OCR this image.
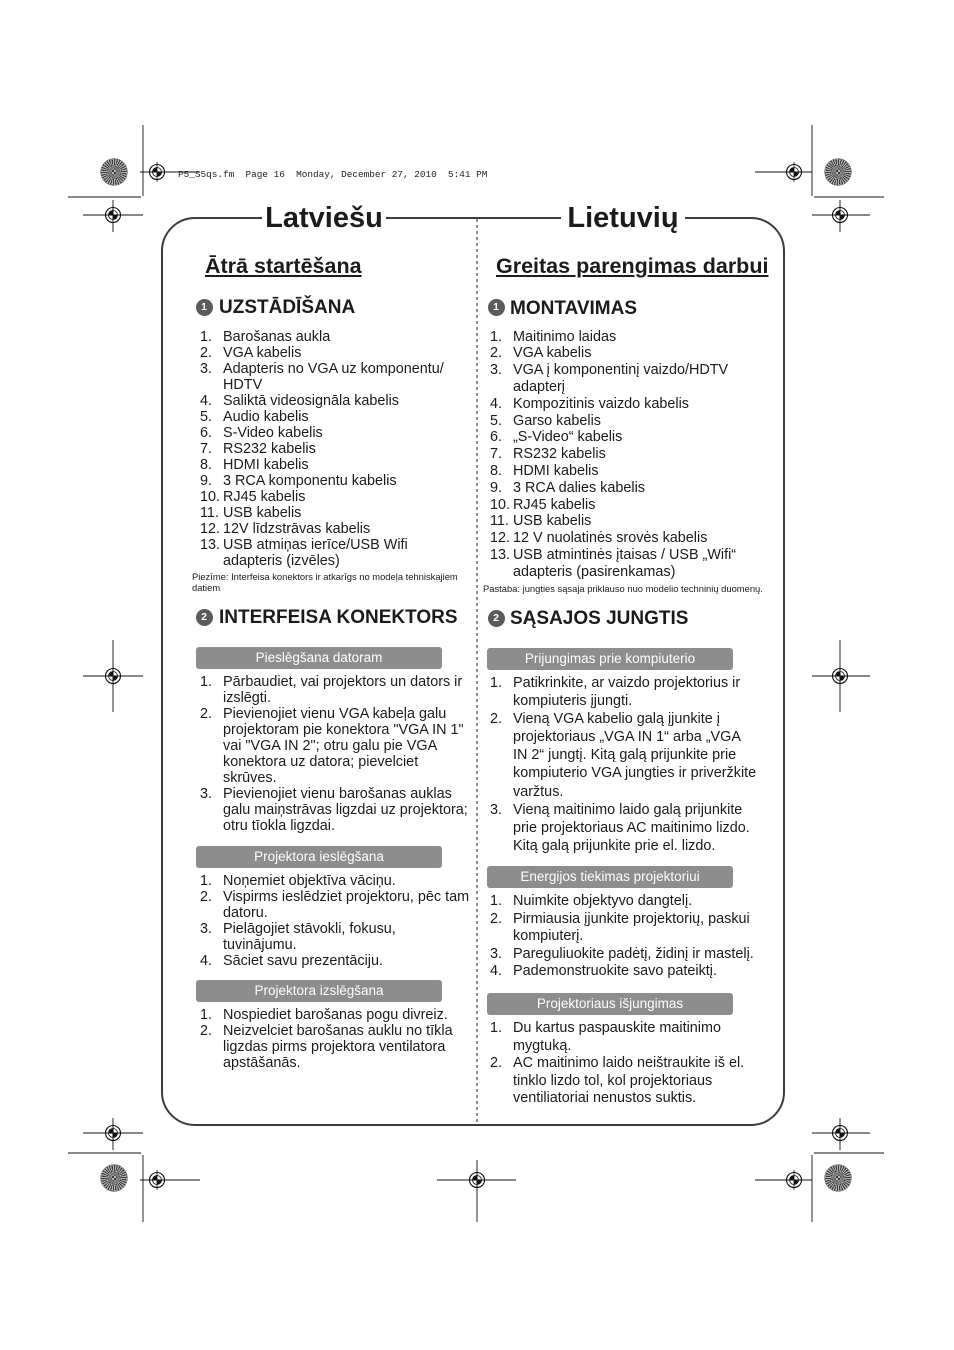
P5_S5qs.fm  Page 16  Monday, December 27, 2010  5:41 PM
Latviešu	Lietuvių
Ātrā startēšana
1 UZSTĀDĪŠANA
1. Barošanas aukla
2. VGA kabelis
3. Adapteris no VGA uz komponentu/
HDTV
4. Saliktā videosignāla kabelis
5. Audio kabelis
6. S-Video kabelis
7. RS232 kabelis
8. HDMI kabelis
9. 3 RCA komponentu kabelis
10. RJ45 kabelis
11. USB kabelis
12. 12V līdzstrāvas kabelis
13. USB atmiņas ierīce/USB Wifi
adapteris (izvēles)
Piezīme: Interfeisa konektors ir atkarīgs no modeļa tehniskajiem
datiem
2 INTERFEISA KONEKTORS
Pieslēgšana datoram
1. Pārbaudiet, vai projektors un dators ir
izslēgti.
2. Pievienojiet vienu VGA kabeļa galu
projektoram pie konektora "VGA IN 1"
vai "VGA IN 2"; otru galu pie VGA
konektora uz datora; pievelciet
skrūves.
3. Pievienojiet vienu barošanas auklas
galu maiņstrāvas ligzdai uz projektora;
otru tīokla ligzdai.
Projektora ieslēgšana
1. Noņemiet objektīva vāciņu.
2. Vispirms ieslēdziet projektoru, pēc tam
datoru.
3. Pielāgojiet stāvokli, fokusu,
tuvinājumu.
4. Sāciet savu prezentāciju.
Projektora izslēgšana
1. Nospiediet barošanas pogu divreiz.
2. Neizvelciet barošanas auklu no tīkla
ligzdas pirms projektora ventilatora
apstāšanās.
Greitas parengimas darbui
1 MONTAVIMAS
1. Maitinimo laidas
2. VGA kabelis
3. VGA į komponentinį vaizdo/HDTV
adapterį
4. Kompozitinis vaizdo kabelis
5. Garso kabelis
6. „S-Video“ kabelis
7. RS232 kabelis
8. HDMI kabelis
9. 3 RCA dalies kabelis
10. RJ45 kabelis
11. USB kabelis
12. 12 V nuolatinės srovės kabelis
13. USB atmintinės įtaisas / USB „Wifi“
adapteris (pasirenkamas)
Pastaba: jungties sąsaja priklauso nuo modelio techninių duomenų.
2 SĄSAJOS JUNGTIS
Prijungimas prie kompiuterio
1. Patikrinkite, ar vaizdo projektorius ir
kompiuteris įjungti.
2. Vieną VGA kabelio galą įjunkite į
projektoriaus „VGA IN 1“ arba „VGA
IN 2“ jungtį. Kitą galą prijunkite prie
kompiuterio VGA jungties ir priveržkite
varžtus.
3. Vieną maitinimo laido galą prijunkite
prie projektoriaus AC maitinimo lizdo.
Kitą galą prijunkite prie el. lizdo.
Energijos tiekimas projektoriui
1. Nuimkite objektyvo dangtelį.
2. Pirmiausia įjunkite projektorių, paskui
kompiuterį.
3. Pareguliuokite padėtį, židinį ir mastelį.
4. Pademonstruokite savo pateiktį.
Projektoriaus išjungimas
1. Du kartus paspauskite maitinimo
mygtuką.
2. AC maitinimo laido neištraukite iš el.
tinklo lizdo tol, kol projektoriaus
ventiliatoriai nenustos suktis.
